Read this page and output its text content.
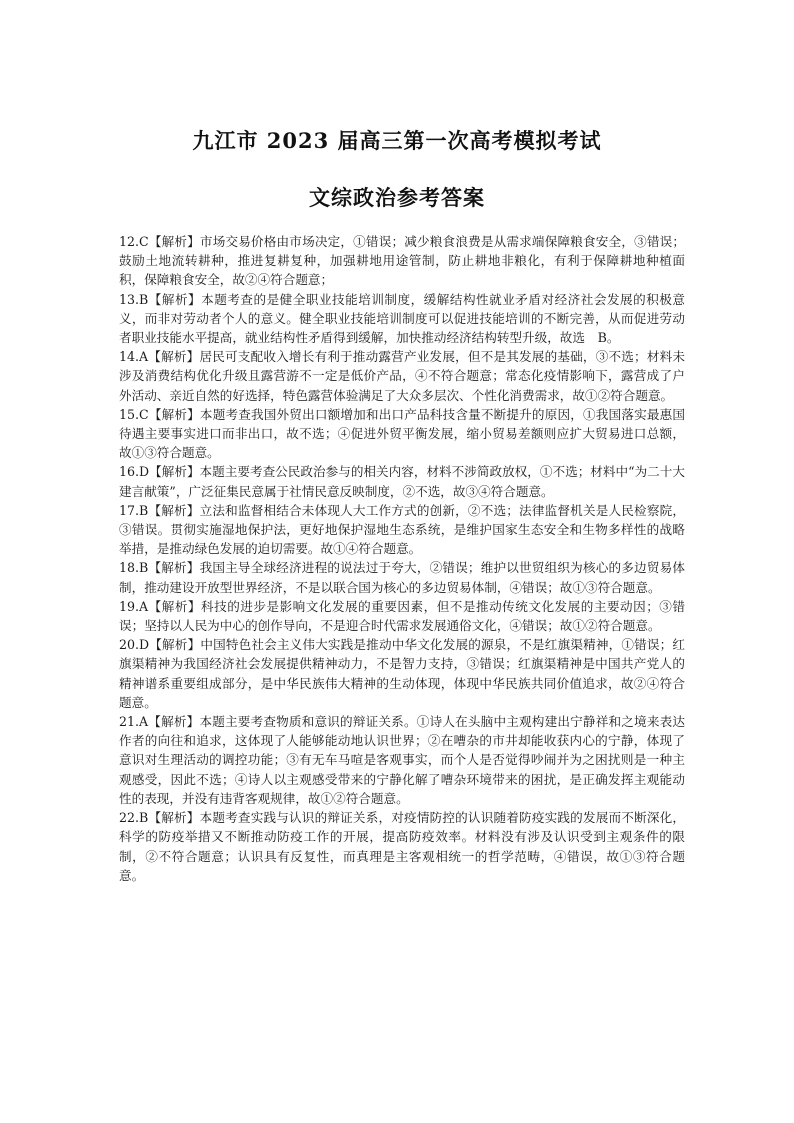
九江市 2023 届高三第一次高考模拟考试
文综政治参考答案

12.C【解析】市场交易价格由市场决定，①错误；减少粮食浪费是从需求端保障粮食安全，③错误；鼓励土地流转耕种，推进复耕复种，加强耕地用途管制，防止耕地非粮化，有利于保障耕地种植面积，保障粮食安全，故②④符合题意；

13.B【解析】本题考查的是健全职业技能培训制度，缓解结构性就业矛盾对经济社会发展的积极意义，而非对劳动者个人的意义。健全职业技能培训制度可以促进技能培训的不断完善，从而促进劳动者职业技能水平提高，就业结构性矛盾得到缓解，加快推动经济结构转型升级，故选　B。

14.A【解析】居民可支配收入增长有利于推动露营产业发展，但不是其发展的基础，③不选；材料未涉及消费结构优化升级且露营游不一定是低价产品，④不符合题意；常态化疫情影响下，露营成了户外活动、亲近自然的好选择，特色露营体验满足了大众多层次、个性化消费需求，故①②符合题意。

15.C【解析】本题考查我国外贸出口额增加和出口产品科技含量不断提升的原因，①我国落实最惠国待遇主要事实进口而非出口，故不选；④促进外贸平衡发展，缩小贸易差额则应扩大贸易进口总额，故①③符合题意。

16.D【解析】本题主要考查公民政治参与的相关内容，材料不涉简政放权，①不选；材料中“为二十大建言献策”，广泛征集民意属于社情民意反映制度，②不选，故③④符合题意。

17.B【解析】立法和监督相结合未体现人大工作方式的创新，②不选；法律监督机关是人民检察院，③错误。贯彻实施湿地保护法，更好地保护湿地生态系统，是维护国家生态安全和生物多样性的战略举措，是推动绿色发展的迫切需要。故①④符合题意。

18.B【解析】我国主导全球经济进程的说法过于夸大，②错误；维护以世贸组织为核心的多边贸易体制，推动建设开放型世界经济，不是以联合国为核心的多边贸易体制，④错误；故①③符合题意。

19.A【解析】科技的进步是影响文化发展的重要因素，但不是推动传统文化发展的主要动因；③错误；坚持以人民为中心的创作导向，不是迎合时代需求发展通俗文化，④错误；故①②符合题意。

20.D【解析】中国特色社会主义伟大实践是推动中华文化发展的源泉，不是红旗渠精神，①错误；红旗渠精神为我国经济社会发展提供精神动力，不是智力支持，③错误；红旗渠精神是中国共产党人的精神谱系重要组成部分，是中华民族伟大精神的生动体现，体现中华民族共同价值追求，故②④符合题意。

21.A【解析】本题主要考查物质和意识的辩证关系。①诗人在头脑中主观构建出宁静祥和之境来表达作者的向往和追求，这体现了人能够能动地认识世界；②在嘈杂的市井却能收获内心的宁静，体现了意识对生理活动的调控功能；③有无车马喧是客观事实，而个人是否觉得吵闹并为之困扰则是一种主观感受，因此不选；④诗人以主观感受带来的宁静化解了嘈杂环境带来的困扰，是正确发挥主观能动性的表现，并没有违背客观规律，故①②符合题意。

22.B【解析】本题考查实践与认识的辩证关系，对疫情防控的认识随着防疫实践的发展而不断深化，科学的防疫举措又不断推动防疫工作的开展，提高防疫效率。材料没有涉及认识受到主观条件的限制，②不符合题意；认识具有反复性，而真理是主客观相统一的哲学范畴，④错误，故①③符合题意。
